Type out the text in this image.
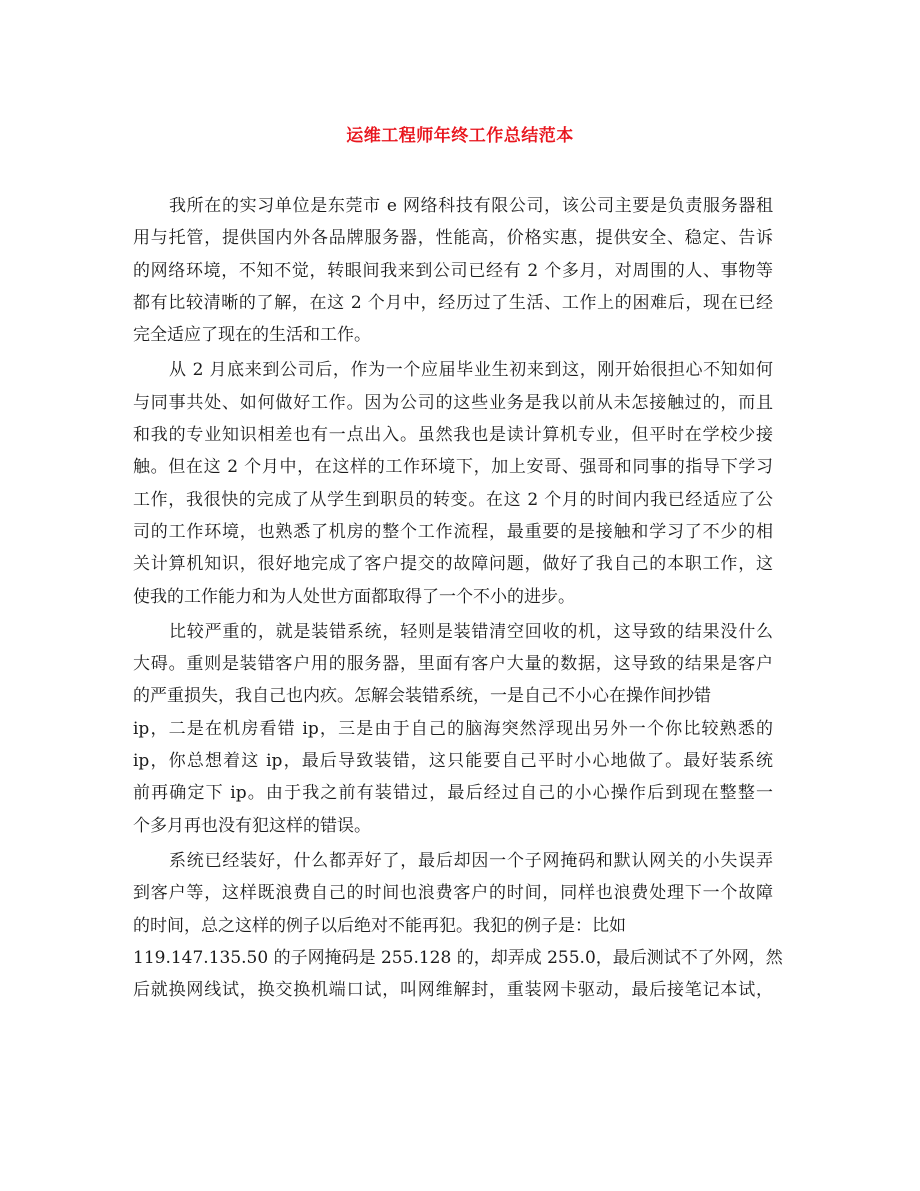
运维工程师年终工作总结范本
我所在的实习单位是东莞市 e 网络科技有限公司，该公司主要是负责服务器租
用与托管，提供国内外各品牌服务器，性能高，价格实惠，提供安全、稳定、告诉
的网络环境，不知不觉，转眼间我来到公司已经有 2 个多月，对周围的人、事物等
都有比较清晰的了解，在这 2 个月中，经历过了生活、工作上的困难后，现在已经
完全适应了现在的生活和工作。
从 2 月底来到公司后，作为一个应届毕业生初来到这，刚开始很担心不知如何
与同事共处、如何做好工作。因为公司的这些业务是我以前从未怎接触过的，而且
和我的专业知识相差也有一点出入。虽然我也是读计算机专业，但平时在学校少接
触。但在这 2 个月中，在这样的工作环境下，加上安哥、强哥和同事的指导下学习
工作，我很快的完成了从学生到职员的转变。在这 2 个月的时间内我已经适应了公
司的工作环境，也熟悉了机房的整个工作流程，最重要的是接触和学习了不少的相
关计算机知识，很好地完成了客户提交的故障问题，做好了我自己的本职工作，这
使我的工作能力和为人处世方面都取得了一个不小的进步。
比较严重的，就是装错系统，轻则是装错清空回收的机，这导致的结果没什么
大碍。重则是装错客户用的服务器，里面有客户大量的数据，这导致的结果是客户
的严重损失，我自己也内疚。怎解会装错系统，一是自己不小心在操作间抄错
ip，二是在机房看错 ip，三是由于自己的脑海突然浮现出另外一个你比较熟悉的
ip，你总想着这 ip，最后导致装错，这只能要自己平时小心地做了。最好装系统
前再确定下 ip。由于我之前有装错过，最后经过自己的小心操作后到现在整整一
个多月再也没有犯这样的错误。
系统已经装好，什么都弄好了，最后却因一个子网掩码和默认网关的小失误弄
到客户等，这样既浪费自己的时间也浪费客户的时间，同样也浪费处理下一个故障
的时间，总之这样的例子以后绝对不能再犯。我犯的例子是：比如
119.147.135.50 的子网掩码是 255.128 的，却弄成 255.0，最后测试不了外网，然
后就换网线试，换交换机端口试，叫网维解封，重装网卡驱动，最后接笔记本试，
